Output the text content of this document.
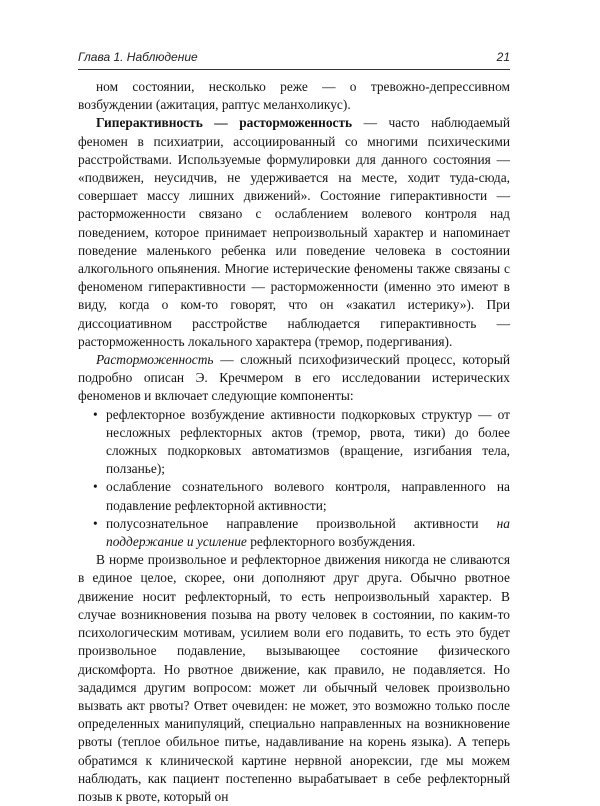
Глава 1. Наблюдение	21

ном состоянии, несколько реже — о тревожно-депрессивном возбуждении (ажитация, раптус меланхоликус).

Гиперактивность — расторможенность — часто наблюдаемый феномен в психиатрии, ассоциированный со многими психическими расстройствами. Используемые формулировки для данного состояния — «подвижен, неусидчив, не удерживается на месте, ходит туда-сюда, совершает массу лишних движений». Состояние гиперактивности — расторможенности связано с ослаблением волевого контроля над поведением, которое принимает непроизвольный характер и напоминает поведение маленького ребенка или поведение человека в состоянии алкогольного опьянения. Многие истерические феномены также связаны с феноменом гиперактивности — расторможенности (именно это имеют в виду, когда о ком-то говорят, что он «закатил истерику»). При диссоциативном расстройстве наблюдается гиперактивность — расторможенность локального характера (тремор, подергивания).

Расторможенность — сложный психофизический процесс, который подробно описан Э. Кречмером в его исследовании истерических феноменов и включает следующие компоненты:

• рефлекторное возбуждение активности подкорковых структур — от несложных рефлекторных актов (тремор, рвота, тики) до более сложных подкорковых автоматизмов (вращение, изгибания тела, ползанье);
• ослабление сознательного волевого контроля, направленного на подавление рефлекторной активности;
• полусознательное направление произвольной активности на поддержание и усиление рефлекторного возбуждения.

В норме произвольное и рефлекторное движения никогда не сливаются в единое целое, скорее, они дополняют друг друга. Обычно рвотное движение носит рефлекторный, то есть непроизвольный характер. В случае возникновения позыва на рвоту человек в состоянии, по каким-то психологическим мотивам, усилием воли его подавить, то есть это будет произвольное подавление, вызывающее состояние физического дискомфорта. Но рвотное движение, как правило, не подавляется. Но зададимся другим вопросом: может ли обычный человек произвольно вызвать акт рвоты? Ответ очевиден: не может, это возможно только после определенных манипуляций, специально направленных на возникновение рвоты (теплое обильное питье, надавливание на корень языка). А теперь обратимся к клинической картине нервной анорексии, где мы можем наблюдать, как пациент постепенно вырабатывает в себе рефлекторный позыв к рвоте, который он
